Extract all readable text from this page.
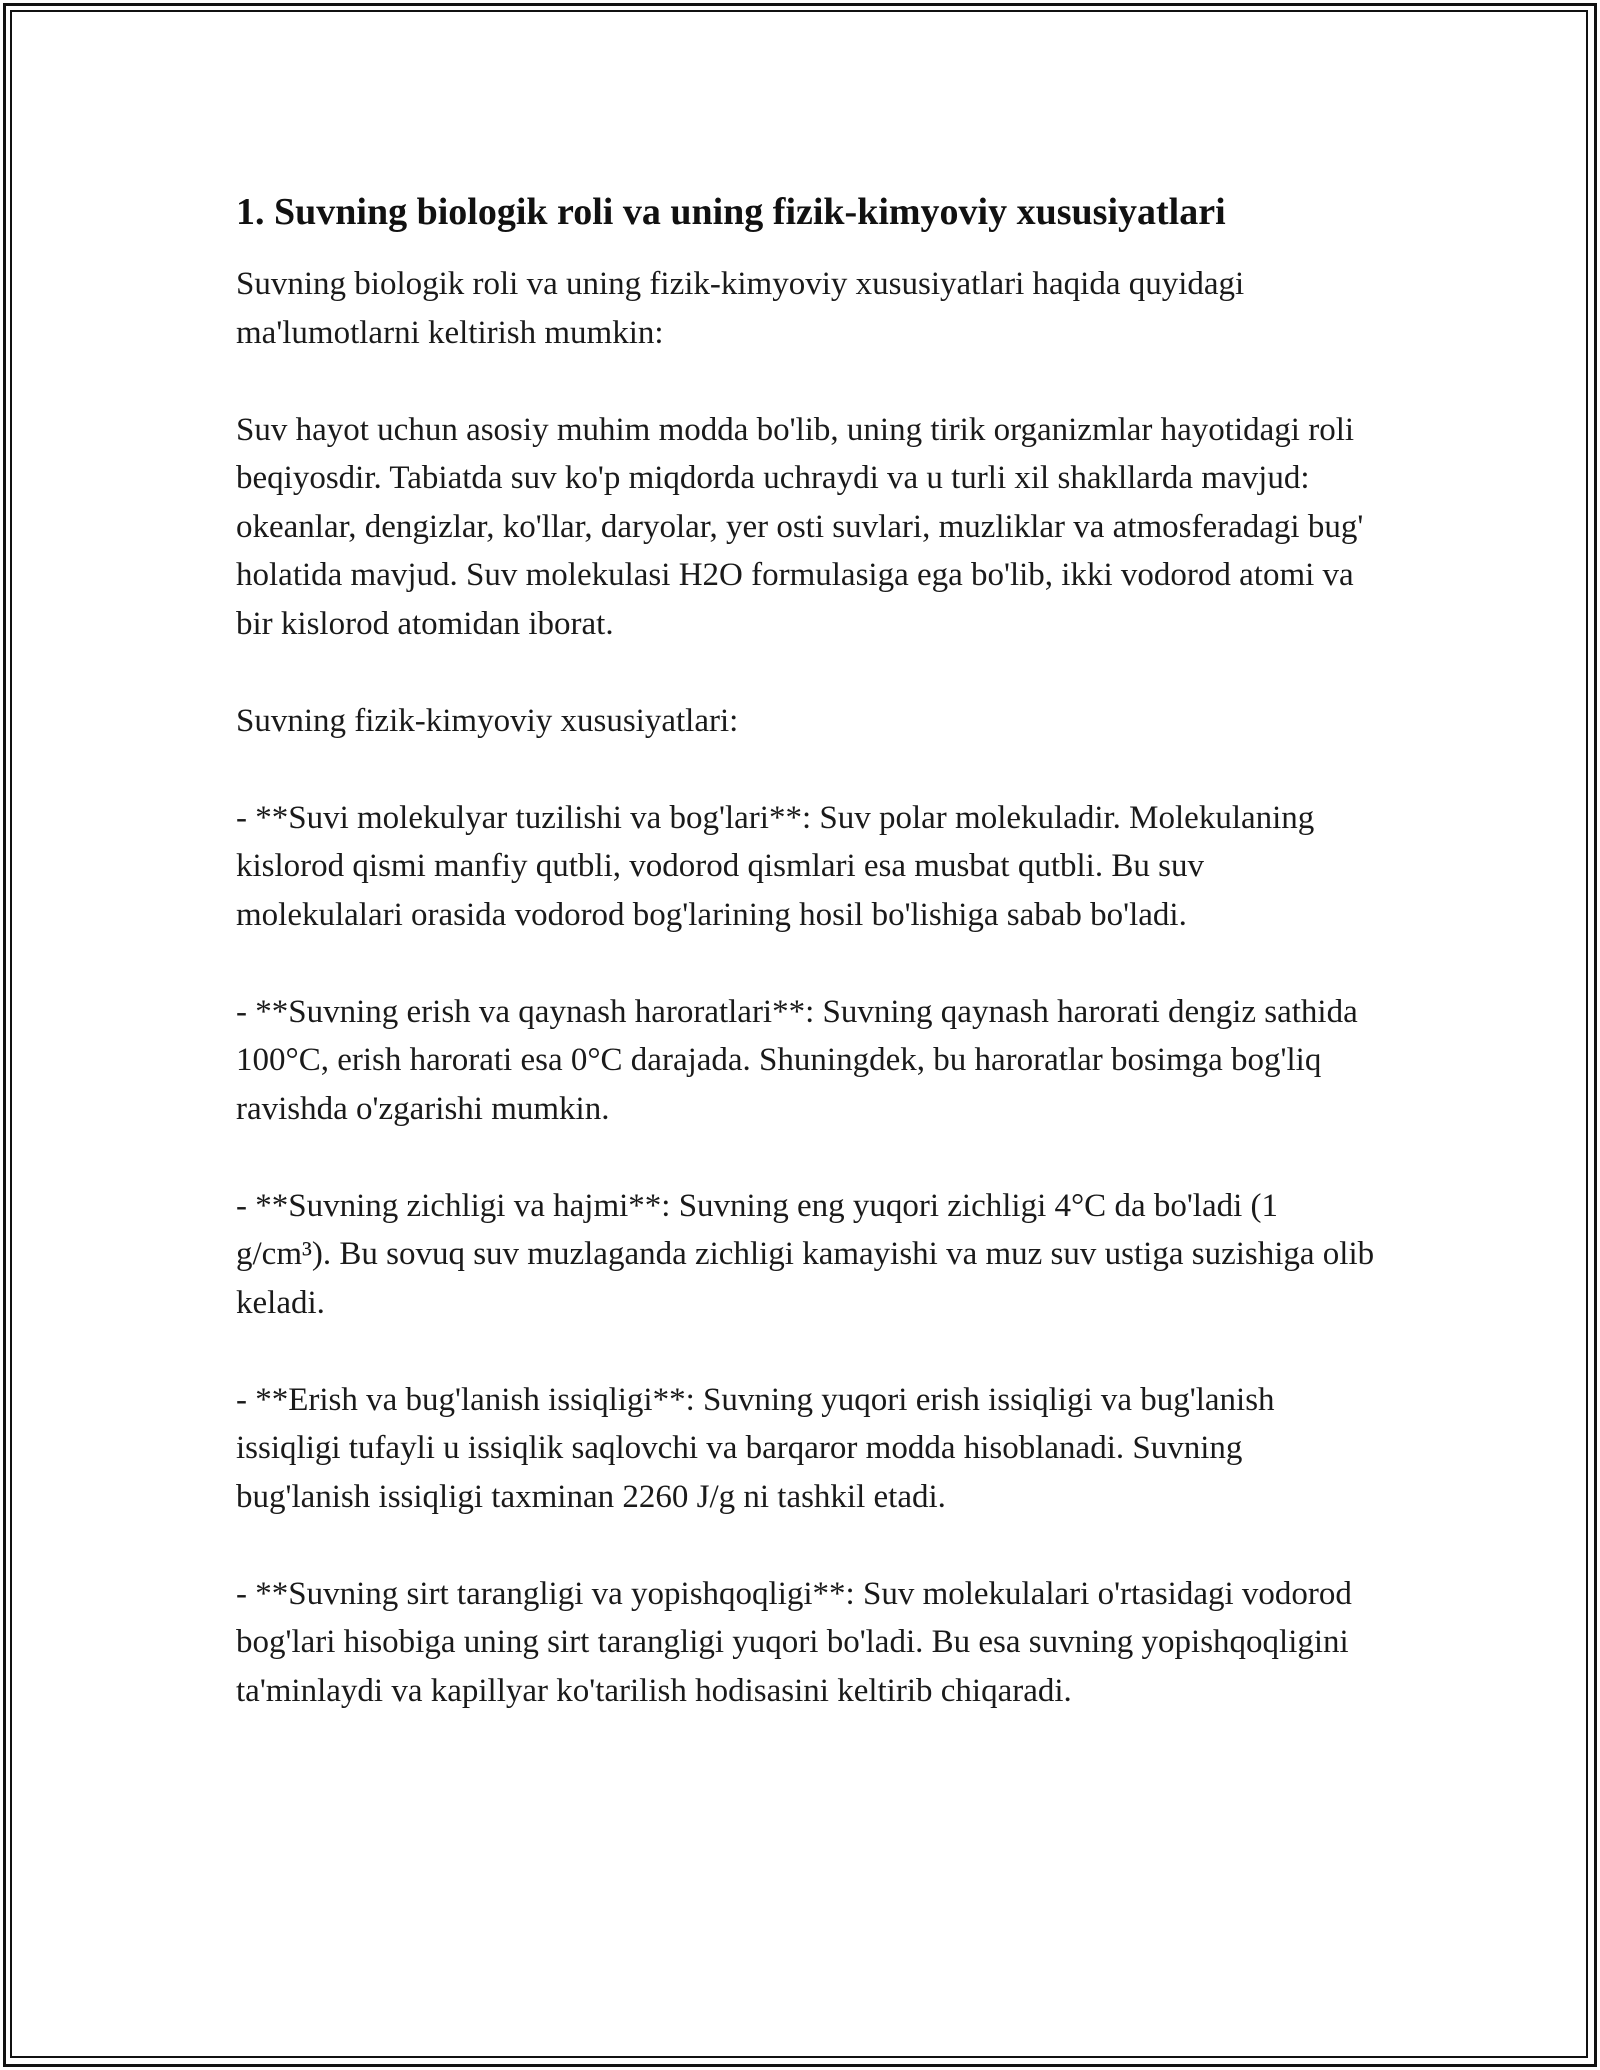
1. Suvning biologik roli va uning fizik-kimyoviy xususiyatlari

Suvning biologik roli va uning fizik-kimyoviy xususiyatlari haqida quyidagi ma'lumotlarni keltirish mumkin:

Suv hayot uchun asosiy muhim modda bo'lib, uning tirik organizmlar hayotidagi roli beqiyosdir. Tabiatda suv ko'p miqdorda uchraydi va u turli xil shakllarda mavjud: okeanlar, dengizlar, ko'llar, daryolar, yer osti suvlari, muzliklar va atmosferadagi bug' holatida mavjud. Suv molekulasi H2O formulasiga ega bo'lib, ikki vodorod atomi va bir kislorod atomidan iborat.

Suvning fizik-kimyoviy xususiyatlari:

- **Suvi molekulyar tuzilishi va bog'lari**: Suv polar molekuladir. Molekulaning kislorod qismi manfiy qutbli, vodorod qismlari esa musbat qutbli. Bu suv molekulalari orasida vodorod bog'larining hosil bo'lishiga sabab bo'ladi.

- **Suvning erish va qaynash haroratlari**: Suvning qaynash harorati dengiz sathida 100°C, erish harorati esa 0°C darajada. Shuningdek, bu haroratlar bosimga bog'liq ravishda o'zgarishi mumkin.

- **Suvning zichligi va hajmi**: Suvning eng yuqori zichligi 4°C da bo'ladi (1 g/cm³). Bu sovuq suv muzlaganda zichligi kamayishi va muz suv ustiga suzishiga olib keladi.

- **Erish va bug'lanish issiqligi**: Suvning yuqori erish issiqligi va bug'lanish issiqligi tufayli u issiqlik saqlovchi va barqaror modda hisoblanadi. Suvning bug'lanish issiqligi taxminan 2260 J/g ni tashkil etadi.

- **Suvning sirt tarangligi va yopishqoqligi**: Suv molekulalari o'rtasidagi vodorod bog'lari hisobiga uning sirt tarangligi yuqori bo'ladi. Bu esa suvning yopishqoqligini ta'minlaydi va kapillyar ko'tarilish hodisasini keltirib chiqaradi.
